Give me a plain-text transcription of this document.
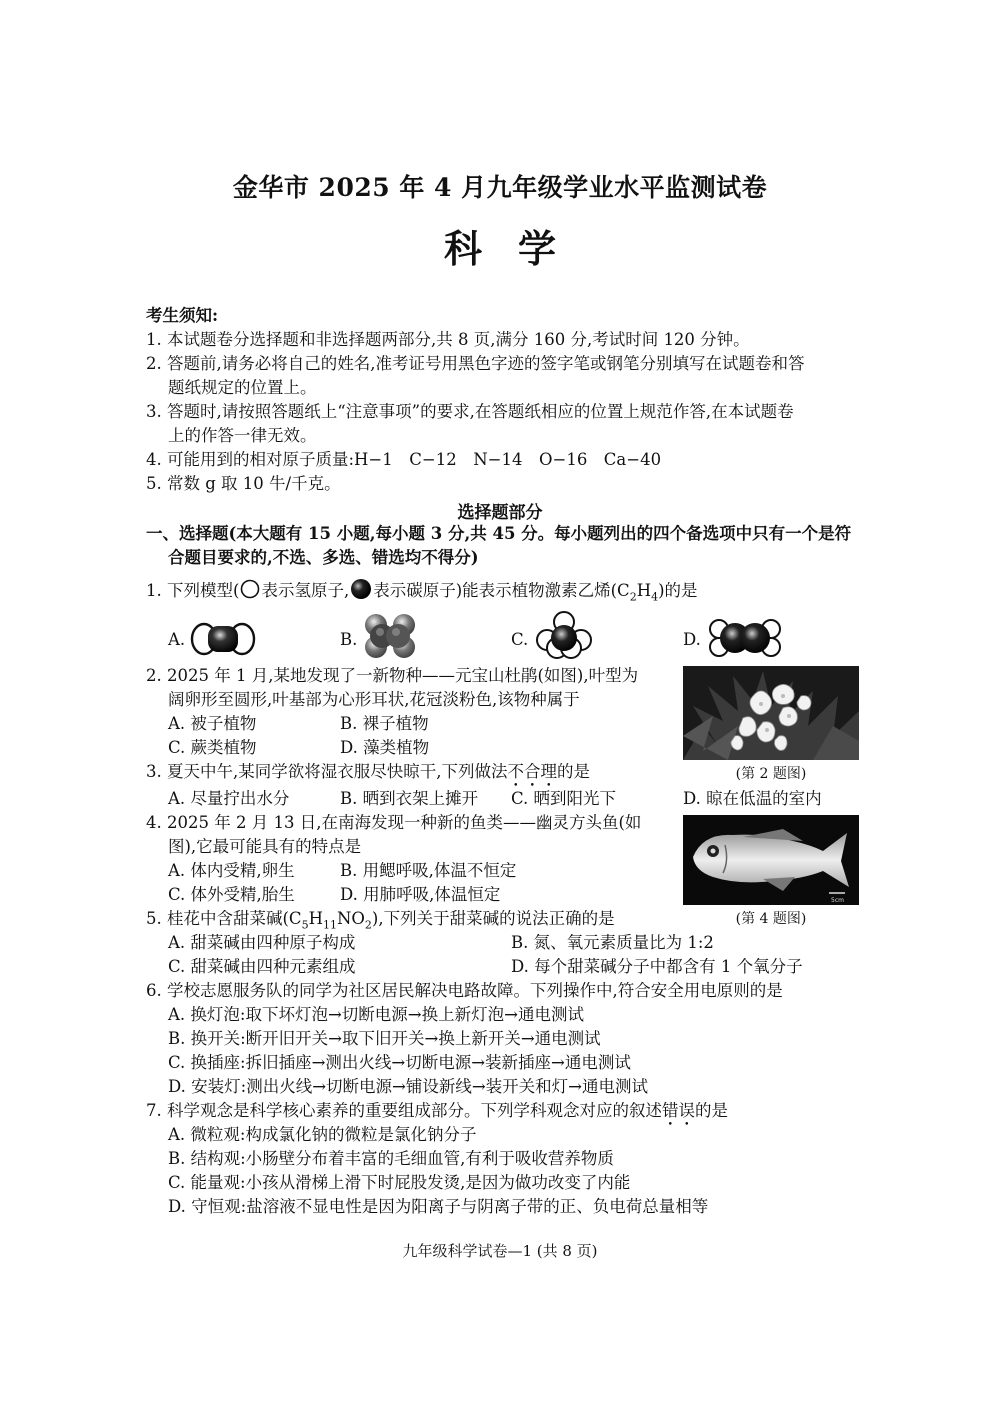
金华市 2025 年 4 月九年级学业水平监测试卷
科学
考生须知:
1. 本试题卷分选择题和非选择题两部分,共 8 页,满分 160 分,考试时间 120 分钟。
2. 答题前,请务必将自己的姓名,准考证号用黑色字迹的签字笔或钢笔分别填写在试题卷和答
题纸规定的位置上。
3. 答题时,请按照答题纸上“注意事项”的要求,在答题纸相应的位置上规范作答,在本试题卷
上的作答一律无效。
4. 可能用到的相对原子质量:H−1　C−12　N−14　O−16　Ca−40
5. 常数 g 取 10 牛/千克。
选择题部分
一、选择题(本大题有 15 小题,每小题 3 分,共 45 分。每小题列出的四个备选项中只有一个是符
合题目要求的,不选、多选、错选均不得分)
1. 下列模型( 表示氢原子, 表示碳原子)能表示植物激素乙烯$(C_2H_4)$的是
A.	B.	C.	D.
2. 2025 年 1 月,某地发现了一新物种——元宝山杜鹃(如图),叶型为
阔卵形至圆形,叶基部为心形耳状,花冠淡粉色,该物种属于
A. 被子植物	B. 裸子植物
C. 蕨类植物	D. 藻类植物
(第 2 题图)
3. 夏天中午,某同学欲将湿衣服尽快晾干,下列做法不合理的是
A. 尽量拧出水分	B. 晒到衣架上摊开 C. 晒到阳光下	D. 晾在低温的室内
4. 2025 年 2 月 13 日,在南海发现一种新的鱼类——幽灵方头鱼(如
图),它最可能具有的特点是
A. 体内受精,卵生	B. 用鳃呼吸,体温不恒定
C. 体外受精,胎生	D. 用肺呼吸,体温恒定	5cm
(第 4 题图)
5. 桂花中含甜菜碱$(C_5H_{11}NO_2)$,下列关于甜菜碱的说法正确的是
A. 甜菜碱由四种原子构成	B. 氮、氧元素质量比为 1:2
C. 甜菜碱由四种元素组成	D. 每个甜菜碱分子中都含有 1 个氧分子
6. 学校志愿服务队的同学为社区居民解决电路故障。下列操作中,符合安全用电原则的是
A. 换灯泡:取下坏灯泡→切断电源→换上新灯泡→通电测试
B. 换开关:断开旧开关→取下旧开关→换上新开关→通电测试
C. 换插座:拆旧插座→测出火线→切断电源→装新插座→通电测试
D. 安装灯:测出火线→切断电源→铺设新线→装开关和灯→通电测试
7. 科学观念是科学核心素养的重要组成部分。下列学科观念对应的叙述错误的是
A. 微粒观:构成氯化钠的微粒是氯化钠分子
B. 结构观:小肠壁分布着丰富的毛细血管,有利于吸收营养物质
C. 能量观:小孩从滑梯上滑下时屁股发烫,是因为做功改变了内能
D. 守恒观:盐溶液不显电性是因为阳离子与阴离子带的正、负电荷总量相等
九年级科学试卷—1 (共 8 页)
